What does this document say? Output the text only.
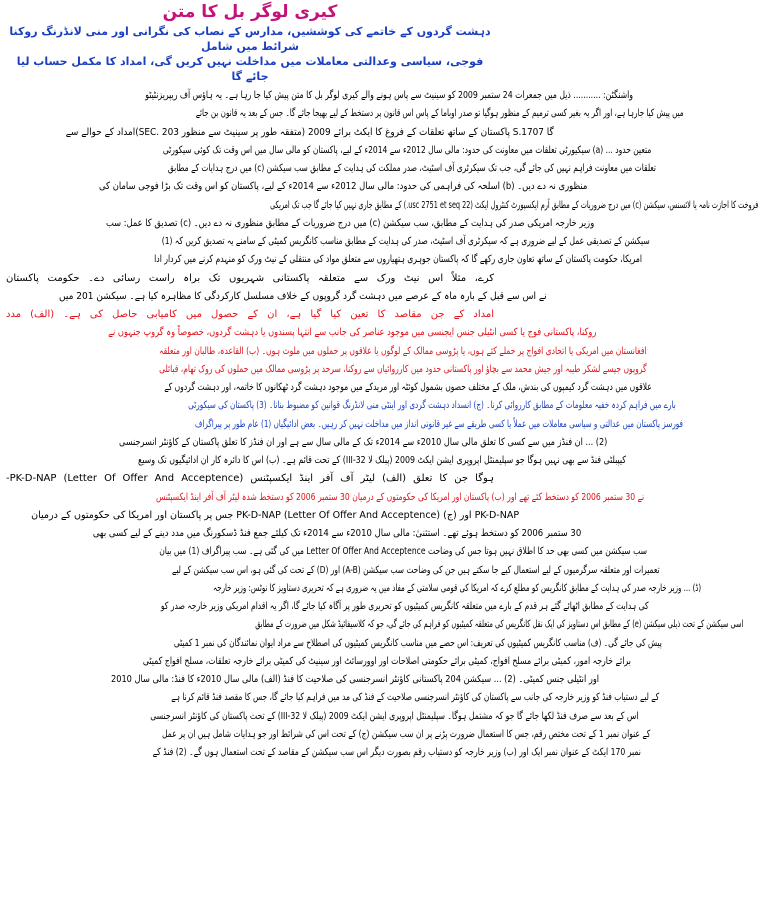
کیری لوگر بل کا متن
دہشت گردوں کے خاتمے کی کوششیں، مدارس کے نصاب کی نگرانی اور منی لانڈرنگ روکنا شرائط میں شامل
فوجی، سیاسی وعدالتی معاملات میں مداخلت نہیں کریں گی، امداد کا مکمل حساب لیا جائے گا
واشنگٹن: ........... ذیل میں جمعرات 24 ستمبر 2009 کو سینیٹ سے پاس ہونے والے کیری لوگر بل کا متن پیش کیا جا رہا ہے۔ یہ ہاؤس آف ریپریزنٹیٹو
میں پیش کیا جارہا ہے، اور اگر یہ بغیر کسی ترمیم کے منظور ہوگیا تو صدر اوباما کے پاس اس قانون پر دستخط کے لیے بھیجا جائے گا۔ جس کے بعد یہ قانون بن جائے
گا 1707.S پاکستان کے ساتھ تعلقات کے فروغ کا ایکٹ برائے 2009 (متفقہ طور پر سینیٹ سے منظور SEC. 203)امداد کے حوالے سے
متعین حدود ... (a) سیکیورٹی تعلقات میں معاونت کی حدود: مالی سال 2012ء سے 2014ء کے لیے، پاکستان کو مالی سال میں اس وقت تک کوئی سیکورٹی
تعلقات میں معاونت فراہم نہیں کی جائے گی، جب تک سیکرٹری آف اسٹیٹ، صدر مملکت کی ہدایت کے مطابق سب سیکشن (c) میں درج ہدایات کے مطابق
منظوری نہ دے دیں۔ (b) اسلحہ کی فراہمی کی حدود: مالی سال 2012ء سے 2014ء کے لیے، پاکستان کو اس وقت تک بڑا فوجی سامان کی
فروخت کا اجازت نامہ یا لائسنس، سیکشن (c) میں درج ضروریات کے مطابق آرم ایکسپورٹ کنٹرول ایکٹ (22 usc 2751 et seq.) کے مطابق جاری نہیں کیا جائے گا جب تک امریکی
وزیر خارجہ امریکی صدر کی ہدایت کے مطابق، سب سیکشن (c) میں درج ضروریات کے مطابق منظوری نہ دے دیں۔ (c) تصدیق کا عمل: سب
سیکشن کے تصدیقی عمل کے لیے ضروری ہے کہ سیکرٹری آف اسٹیٹ، صدر کی ہدایت کے مطابق مناسب کانگریس کمیٹی کے سامنے یہ تصدیق کریں کہ (1)
امریکا، حکومت پاکستان کے ساتھ تعاون جاری رکھے گا کہ پاکستان جوہری ہتھیاروں سے متعلق مواد کی منتقلی کے نیٹ ورک کو منہدم کرنے میں کردار ادا
کرے، مثلاً اس نیٹ ورک سے متعلقہ پاکستانی شہریوں تک براہ راست رسائی دے۔ حکومت پاکستان
نے اس سے قبل کے بارہ ماہ کے عرصے میں دہشت گرد گروپوں کے خلاف مسلسل کارکردگی کا مظاہرہ کیا ہے۔ سیکشن 201 میں
امداد کے جن مقاصد کا تعین کیا گیا ہے، ان کے حصول میں کامیابی حاصل کی ہے۔ (الف) مدد
روکنا، پاکستانی فوج یا کسی انٹیلی جنس ایجنسی میں موجود عناصر کی جانب سے انتہا پسندوں یا دہشت گردوں، خصوصاً وہ گروپ جنہوں نے
افغانستان میں امریکی یا اتحادی افواج پر حملے کئے ہوں، یا پڑوسی ممالک کے لوگوں یا علاقوں پر حملوں میں ملوث ہوں۔ (ب) القاعدہ، طالبان اور متعلقہ
گروپوں جیسے لشکر طیبہ اور جیش محمد سے بچاؤ اور پاکستانی حدود میں کارروائیاں سے روکنا، سرحد پر پڑوسی ممالک میں حملوں کی روک تھام، قبائلی
علاقوں میں دہشت گرد کیمپوں کی بندش، ملک کے مختلف حصوں بشمول کوئٹہ اور مریدکے میں موجود دہشت گرد ٹھکانوں کا خاتمہ، اور دہشت گردوں کے
بارے میں فراہم کردہ خفیہ معلومات کے مطابق کارروائی کرنا۔ (ج) انسداد دہشت گردی اور اینٹی منی لانڈرنگ قوانین کو مضبوط بنانا۔ (3) پاکستان کی سیکورٹی
فورسز پاکستان میں عدالتی و سیاسی معاملات میں عملاً یا کسی طریقے سے غیر قانونی انداز میں مداخلت نہیں کر رہیں۔ بعض ادائیگیاں (1) عام طور پر پیراگراف
(2) ... ان فنڈز میں سے کسی کا تعلق مالی سال 2010ء سے 2014ء تک کے مالی سال سے ہے اور ان فنڈز کا تعلق پاکستان کے کاؤنٹر انسرجنسی
کیپبلٹی فنڈ سے بھی نہیں ہوگا جو سپلیمنٹل اپروپری ایشن ایکٹ 2009 (پبلک لا III-32) کے تحت قائم ہے۔ (ب) اس کا دائرہ کار ان ادائیگیوں تک وسیع
ہوگا جن کا تعلق (الف) لیٹر آف آفر اینڈ ایکسپٹنس (Letter Of Offer And Acceptence) PK-D-NAP-
نے 30 ستمبر 2006 کو دستخط کئے تھے اور (ب) پاکستان اور امریکا کی حکومتوں کے درمیان 30 ستمبر 2006 کو دستخط شدہ لیٹر آف آفر اینڈ ایکسپٹنس
PK-D-NAP اور (ج) PK-D-NAP (Letter Of Offer And Acceptence) جس پر پاکستان اور امریکا کی حکومتوں کے درمیان
30 ستمبر 2006 کو دستخط ہوئے تھے۔ استثنیٰ: مالی سال 2010ء سے 2014ء تک کیلئے جمع فنڈ ڈسکورنگ میں مدد دینے کے لیے کسی بھی
سب سیکشن میں کسی بھی حد کا اطلاق نہیں ہوتا جس کی وضاحت Letter Of Offer And Acceptence میں کی گئی ہے۔ سب پیراگراف (1) میں بیان
تعمیرات اور متعلقہ سرگرمیوں کے لیے استعمال کیے جا سکتے ہیں جن کی وضاحت سب سیکشن (A-B) اور (D) کے تحت کی گئی ہو، اس سب سیکشن کے لیے
(ڈ) ... وزیر خارجہ صدر کی ہدایت کے مطابق کانگریس کو مطلع کرے کہ امریکا کی قومی سلامتی کے مفاد میں یہ ضروری ہے کہ تحریری دستاویز کا نوٹس: وزیر خارجہ
کی ہدایت کے مطابق اٹھائے گئے ہر قدم کے بارے میں متعلقہ کانگریس کمیٹیوں کو تحریری طور پر آگاہ کیا جائے گا، اگر یہ اقدام امریکی وزیر خارجہ صدر کو
اسی سیکشن کے تحت ذیلی سیکشن (e) کے مطابق اس دستاویز کی ایک نقل کانگریس کی متعلقہ کمیٹیوں کو فراہم کی جائے گی، جو کہ کلاسیفائیڈ شکل میں ضرورت کے مطابق
پیش کی جائے گی۔ (ف) مناسب کانگریس کمیٹیوں کی تعریف: اس حصے میں مناسب کانگریس کمیٹیوں کی اصطلاح سے مراد ایوان نمائندگان کی نمبر 1 کمیٹی
برائے خارجہ امور، کمیٹی برائے مسلح افواج، کمیٹی برائے حکومتی اصلاحات اور اوورسائٹ اور سینیٹ کی کمیٹی برائے خارجہ تعلقات، مسلح افواج کمیٹی
اور انٹیلی جنس کمیٹی۔ (2) ... سیکشن 204 پاکستانی کاؤنٹر انسرجنسی کی صلاحیت کا فنڈ (الف) مالی سال 2010ء کا فنڈ: مالی سال 2010
کے لیے دستیاب فنڈ کو وزیر خارجہ کی جانب سے پاکستان کی کاؤنٹر انسرجنسی صلاحیت کے فنڈ کی مد میں فراہم کیا جائے گا، جس کا مقصد فنڈ قائم کرنا ہے
اس کے بعد سے صرف فنڈ لکھا جائے گا جو کہ مشتمل ہوگا۔ سپلیمنٹل اپروپری ایشن ایکٹ 2009 (پبلک لا III-32) کے تحت پاکستان کی کاؤنٹر انسرجنسی
کے عنوان نمبر 1 کے تحت مختص رقم، جس کا استعمال ضرورت پڑنے پر ان سب سیکشن (ج) کے تحت اس کی شرائط اور جو ہدایات شامل ہیں ان پر عمل
نمبر 170 ایکٹ کے عنوان نمبر ایک اور (ب) وزیر خارجہ کو دستیاب رقم بصورت دیگر اس سب سیکشن کے مقاصد کے تحت استعمال ہوں گے۔ (2) فنڈ کے
